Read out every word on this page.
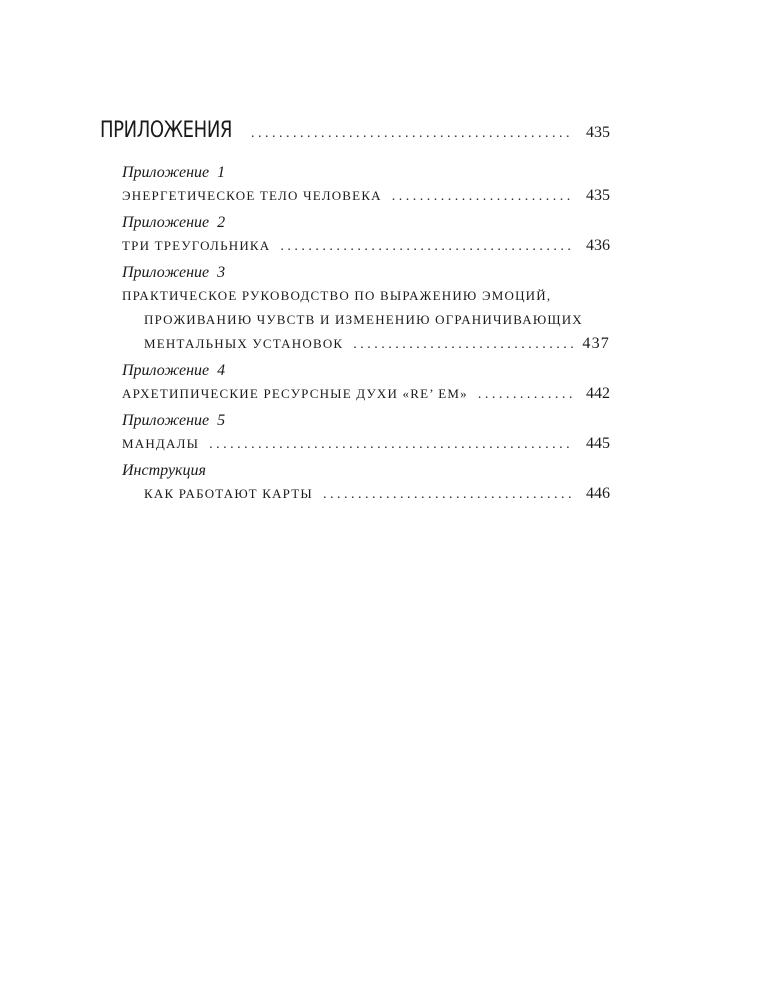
ПРИЛОЖЕНИЯ . . .	435
Приложение 1
ЭНЕРГЕТИЧЕСКОЕ ТЕЛО ЧЕЛОВЕКА . . .	435
Приложение 2
ТРИ ТРЕУГОЛЬНИКА . . .	436
Приложение 3
ПРАКТИЧЕСКОЕ РУКОВОДСТВО ПО ВЫРАЖЕНИЮ ЭМОЦИЙ,
ПРОЖИВАНИЮ ЧУВСТВ И ИЗМЕНЕНИЮ ОГРАНИЧИВАЮЩИХ
МЕНТАЛЬНЫХ УСТАНОВОК . . .	437
Приложение 4
АРХЕТИПИЧЕСКИЕ РЕСУРСНЫЕ ДУХИ «RE’ EM» . . .	442
Приложение 5
МАНДАЛЫ . . .	445
Инструкция
КАК РАБОТАЮТ КАРТЫ . . .	446
